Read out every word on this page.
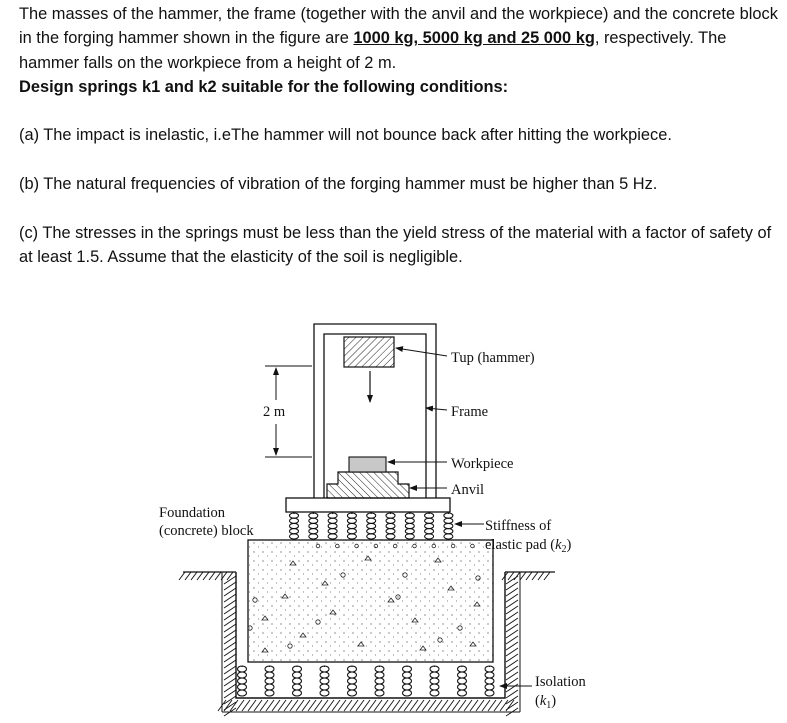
The masses of the hammer, the frame (together with the anvil and the workpiece) and the concrete block in the forging hammer shown in the figure are 1000 kg, 5000 kg and 25 000 kg, respectively. The hammer falls on the workpiece from a height of 2 m.

Design springs k1 and k2 suitable for the following conditions:

(a) The impact is inelastic, i.eThe hammer will not bounce back after hitting the workpiece.

(b) The natural frequencies of vibration of the forging hammer must be higher than 5 Hz.

(c) The stresses in the springs must be less than the yield stress of the material with a factor of safety of at least 1.5. Assume that the elasticity of the soil is negligible.

2 m
Tup (hammer)
Frame
Workpiece
Anvil
Foundation
(concrete) block	Stiffness of
elastic pad $(k_2)$
Isolation
$(k_1)$
